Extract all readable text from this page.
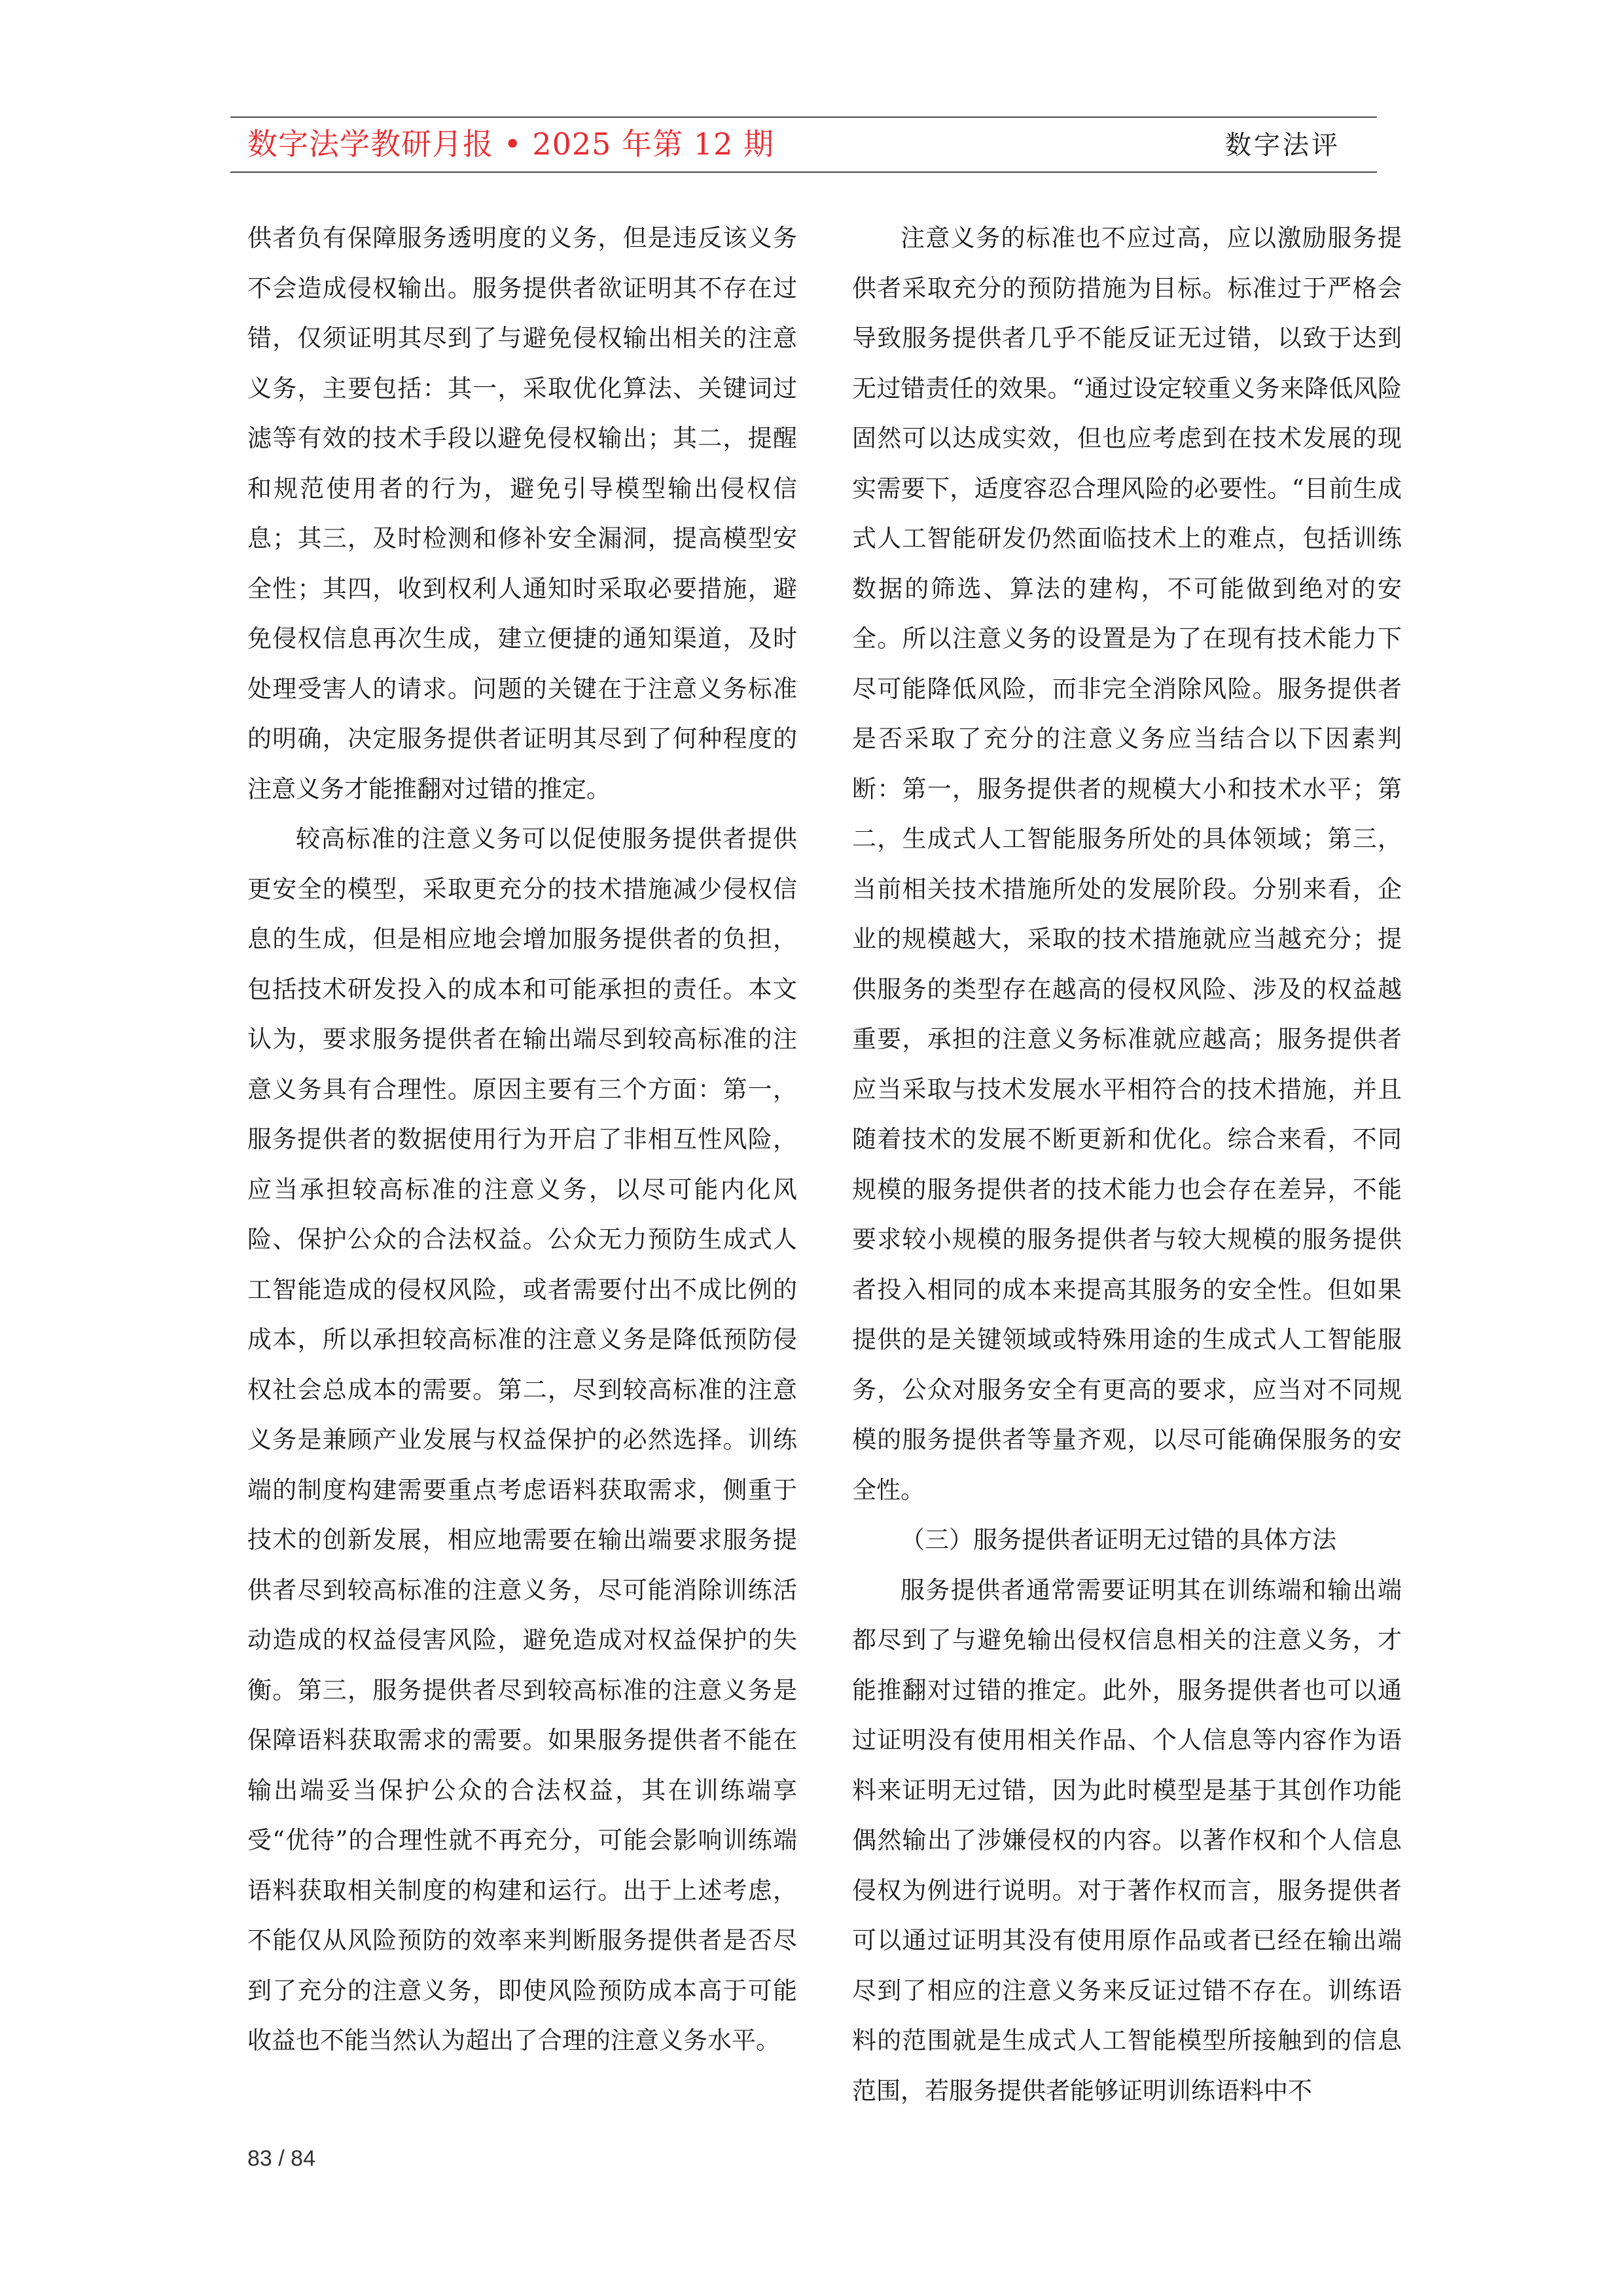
数字法学教研月报 • 2025 年第 12 期	数字法评

供者负有保障服务透明度的义务，但是违反该义务不会造成侵权输出。服务提供者欲证明其不存在过错，仅须证明其尽到了与避免侵权输出相关的注意义务，主要包括：其一，采取优化算法、关键词过滤等有效的技术手段以避免侵权输出；其二，提醒和规范使用者的行为，避免引导模型输出侵权信息；其三，及时检测和修补安全漏洞，提高模型安全性；其四，收到权利人通知时采取必要措施，避免侵权信息再次生成，建立便捷的通知渠道，及时处理受害人的请求。问题的关键在于注意义务标准的明确，决定服务提供者证明其尽到了何种程度的注意义务才能推翻对过错的推定。

较高标准的注意义务可以促使服务提供者提供更安全的模型，采取更充分的技术措施减少侵权信息的生成，但是相应地会增加服务提供者的负担，包括技术研发投入的成本和可能承担的责任。本文认为，要求服务提供者在输出端尽到较高标准的注意义务具有合理性。原因主要有三个方面：第一，服务提供者的数据使用行为开启了非相互性风险，应当承担较高标准的注意义务，以尽可能内化风险、保护公众的合法权益。公众无力预防生成式人工智能造成的侵权风险，或者需要付出不成比例的成本，所以承担较高标准的注意义务是降低预防侵权社会总成本的需要。第二，尽到较高标准的注意义务是兼顾产业发展与权益保护的必然选择。训练端的制度构建需要重点考虑语料获取需求，侧重于技术的创新发展，相应地需要在输出端要求服务提供者尽到较高标准的注意义务，尽可能消除训练活动造成的权益侵害风险，避免造成对权益保护的失衡。第三，服务提供者尽到较高标准的注意义务是保障语料获取需求的需要。如果服务提供者不能在输出端妥当保护公众的合法权益，其在训练端享受“优待”的合理性就不再充分，可能会影响训练端语料获取相关制度的构建和运行。出于上述考虑，不能仅从风险预防的效率来判断服务提供者是否尽到了充分的注意义务，即使风险预防成本高于可能收益也不能当然认为超出了合理的注意义务水平。

注意义务的标准也不应过高，应以激励服务提供者采取充分的预防措施为目标。标准过于严格会导致服务提供者几乎不能反证无过错，以致于达到无过错责任的效果。“通过设定较重义务来降低风险固然可以达成实效，但也应考虑到在技术发展的现实需要下，适度容忍合理风险的必要性。“目前生成式人工智能研发仍然面临技术上的难点，包括训练数据的筛选、算法的建构，不可能做到绝对的安全。所以注意义务的设置是为了在现有技术能力下尽可能降低风险，而非完全消除风险。服务提供者是否采取了充分的注意义务应当结合以下因素判断：第一，服务提供者的规模大小和技术水平；第二，生成式人工智能服务所处的具体领域；第三，当前相关技术措施所处的发展阶段。分别来看，企业的规模越大，采取的技术措施就应当越充分；提供服务的类型存在越高的侵权风险、涉及的权益越重要，承担的注意义务标准就应越高；服务提供者应当采取与技术发展水平相符合的技术措施，并且随着技术的发展不断更新和优化。综合来看，不同规模的服务提供者的技术能力也会存在差异，不能要求较小规模的服务提供者与较大规模的服务提供者投入相同的成本来提高其服务的安全性。但如果提供的是关键领域或特殊用途的生成式人工智能服务，公众对服务安全有更高的要求，应当对不同规模的服务提供者等量齐观，以尽可能确保服务的安全性。

（三）服务提供者证明无过错的具体方法

服务提供者通常需要证明其在训练端和输出端都尽到了与避免输出侵权信息相关的注意义务，才能推翻对过错的推定。此外，服务提供者也可以通过证明没有使用相关作品、个人信息等内容作为语料来证明无过错，因为此时模型是基于其创作功能偶然输出了涉嫌侵权的内容。以著作权和个人信息侵权为例进行说明。对于著作权而言，服务提供者可以通过证明其没有使用原作品或者已经在输出端尽到了相应的注意义务来反证过错不存在。训练语料的范围就是生成式人工智能模型所接触到的信息范围，若服务提供者能够证明训练语料中不

83 / 84
